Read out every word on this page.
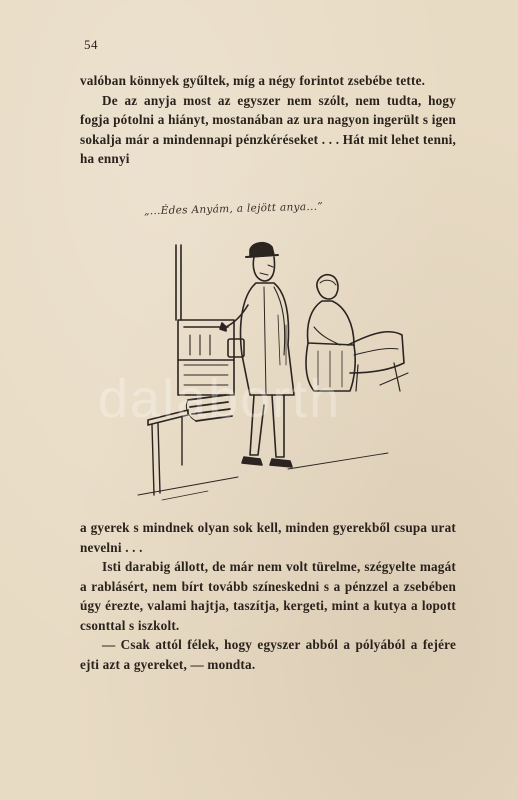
54

valóban könnyek gyűltek, míg a négy forintot zsebébe tette.

De az anyja most az egyszer nem szólt, nem tudta, hogy fogja pótolni a hiányt, mostanában az ura nagyon ingerült s igen sokalja már a mindennapi pénzkéréseket . . . Hát mit lehet tenni, ha ennyi

„...Édes Anyám, a lejött anya...”
dalaborth

a gyerek s mindnek olyan sok kell, minden gyerekből csupa urat nevelni . . .

Isti darabig állott, de már nem volt türelme, szégyelte magát a rablásért, nem bírt tovább színeskedni s a pénzzel a zsebében úgy érezte, valami hajtja, taszítja, kergeti, mint a kutya a lopott csonttal s iszkolt.

— Csak attól félek, hogy egyszer abból a pólyából a fejére ejti azt a gyereket, — mondta.
